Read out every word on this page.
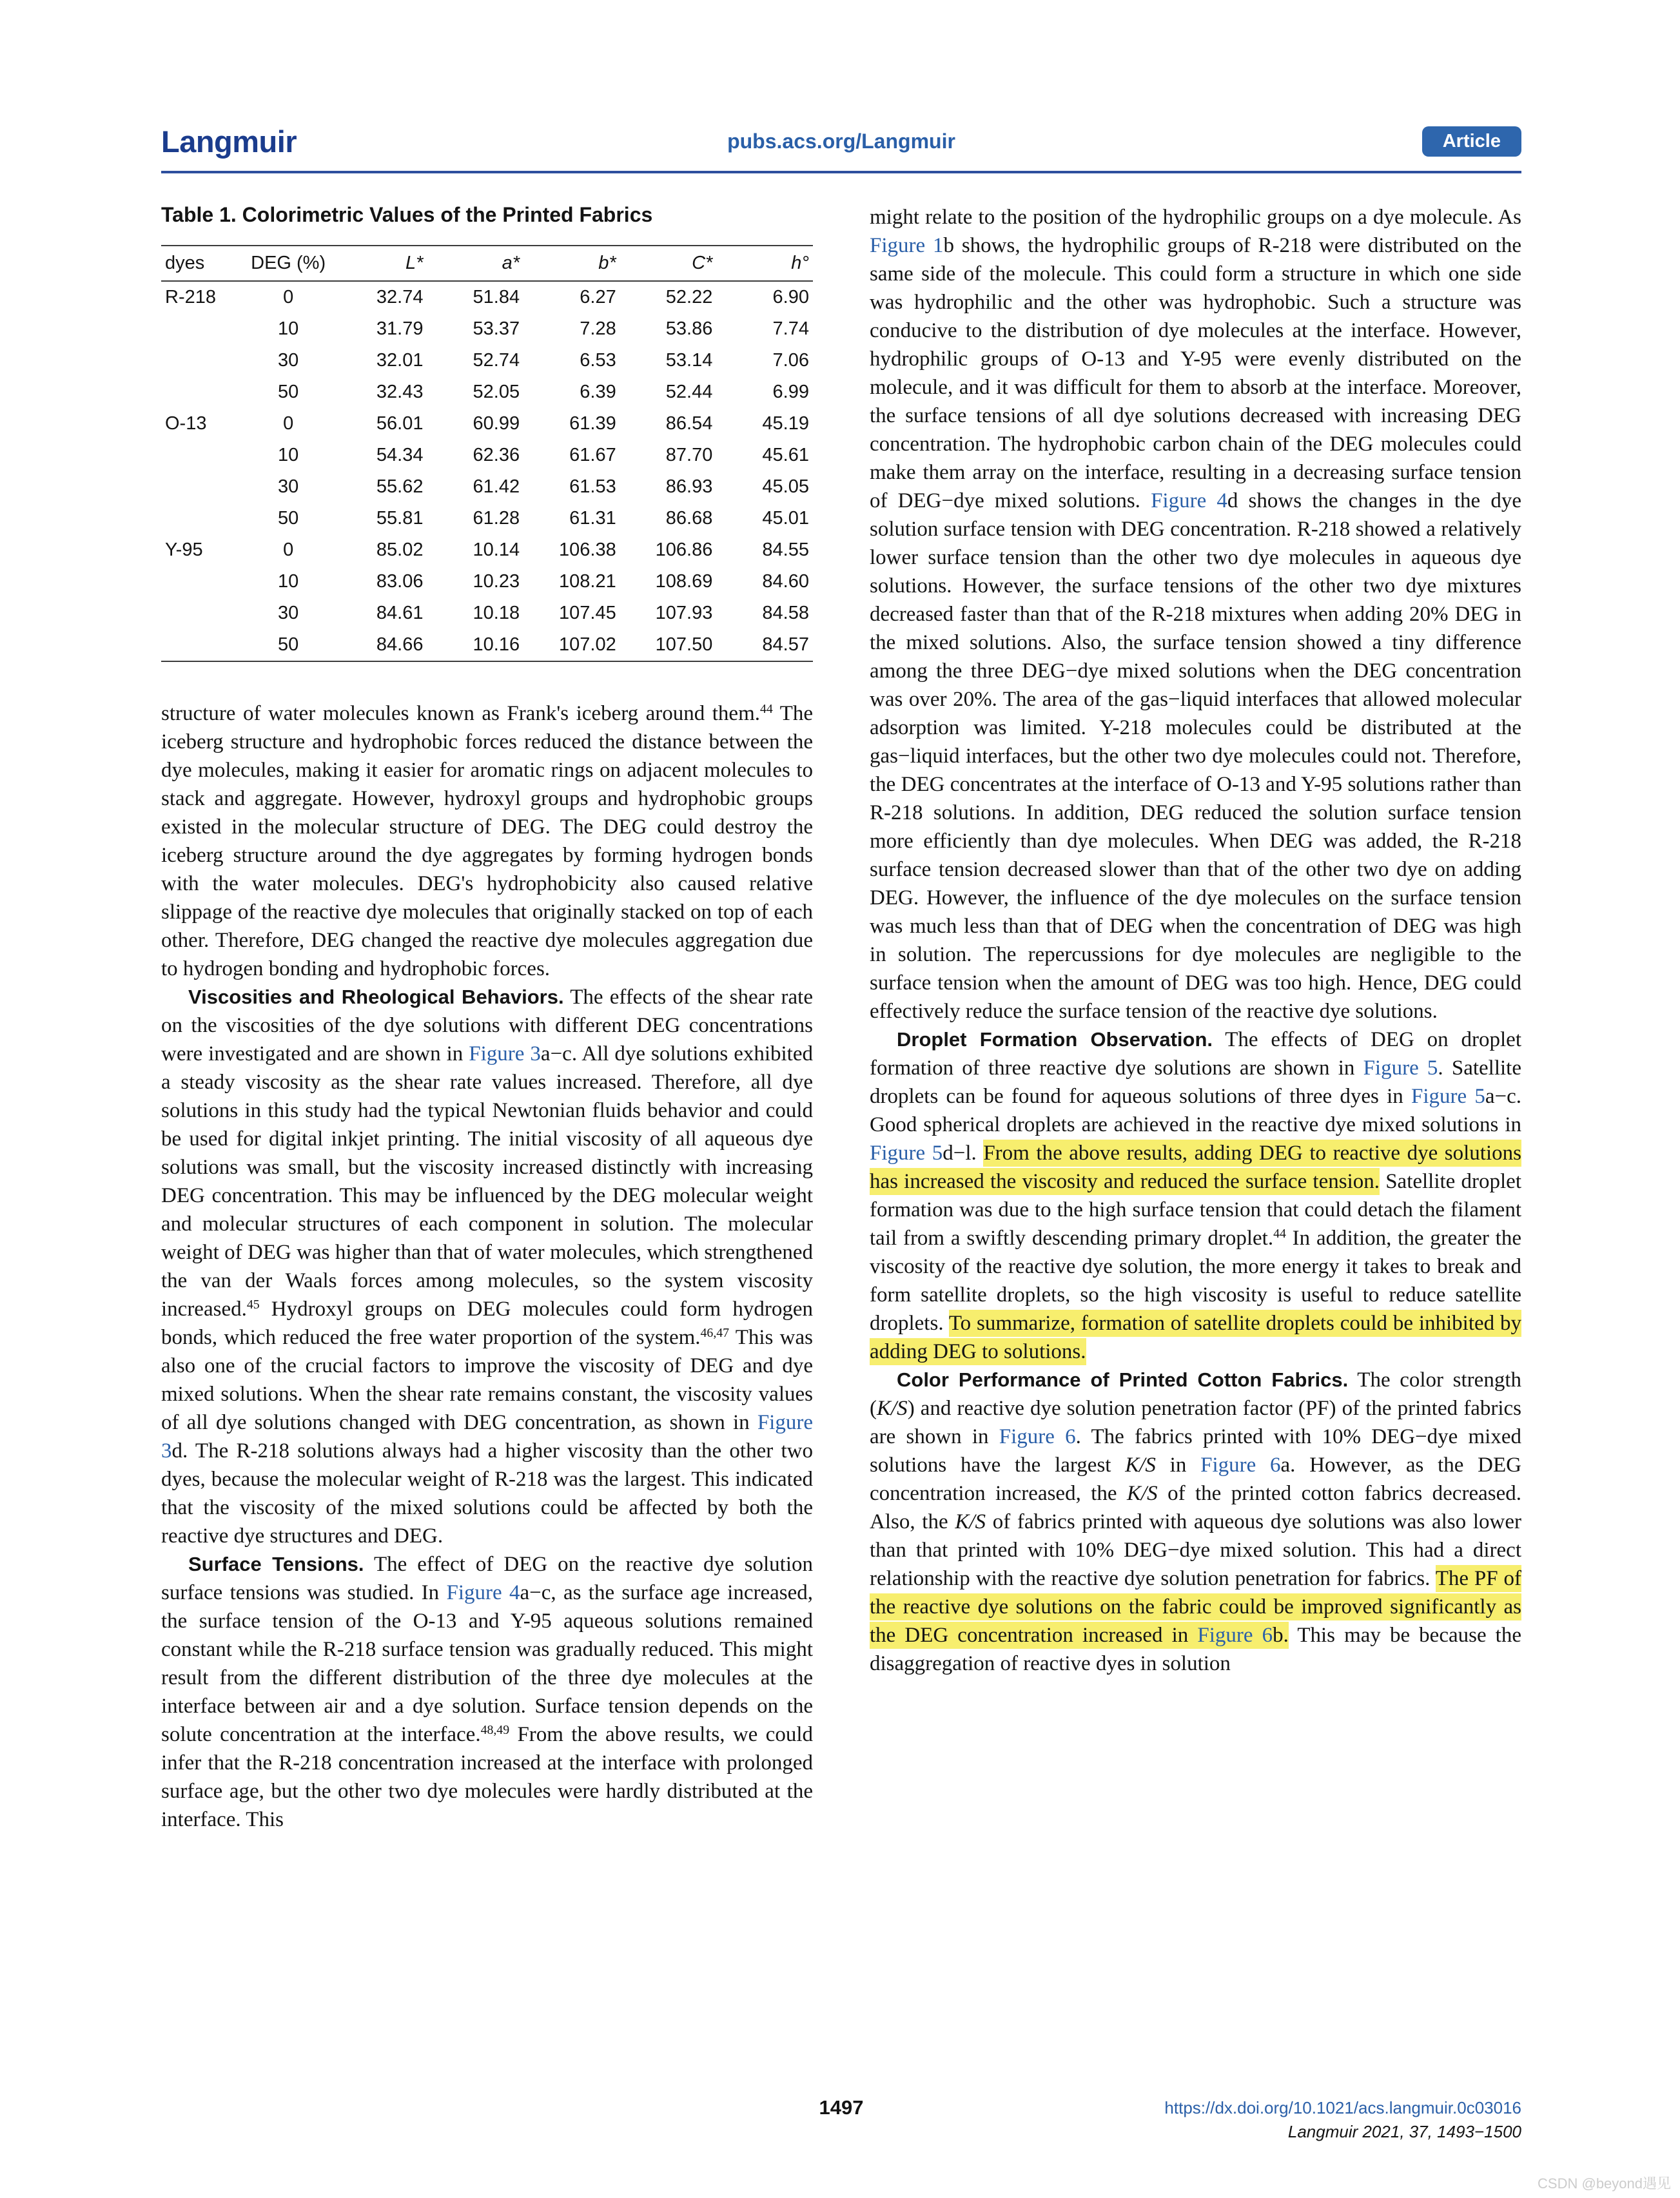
Langmuir	pubs.acs.org/Langmuir	Article
Table 1. Colorimetric Values of the Printed Fabrics
dyes	DEG (%)	L*	a*	b*	C*	h°
R-218	0	32.74	51.84	6.27	52.22	6.90
	10	31.79	53.37	7.28	53.86	7.74
	30	32.01	52.74	6.53	53.14	7.06
	50	32.43	52.05	6.39	52.44	6.99
O-13	0	56.01	60.99	61.39	86.54	45.19
	10	54.34	62.36	61.67	87.70	45.61
	30	55.62	61.42	61.53	86.93	45.05
	50	55.81	61.28	61.31	86.68	45.01
Y-95	0	85.02	10.14	106.38	106.86	84.55
	10	83.06	10.23	108.21	108.69	84.60
	30	84.61	10.18	107.45	107.93	84.58
	50	84.66	10.16	107.02	107.50	84.57

structure of water molecules known as Frank's iceberg around them.$^{44}$ The iceberg structure and hydrophobic forces reduced the distance between the dye molecules, making it easier for aromatic rings on adjacent molecules to stack and aggregate. However, hydroxyl groups and hydrophobic groups existed in the molecular structure of DEG. The DEG could destroy the iceberg structure around the dye aggregates by forming hydrogen bonds with the water molecules. DEG's hydrophobicity also caused relative slippage of the reactive dye molecules that originally stacked on top of each other. Therefore, DEG changed the reactive dye molecules aggregation due to hydrogen bonding and hydrophobic forces.

Viscosities and Rheological Behaviors. The effects of the shear rate on the viscosities of the dye solutions with different DEG concentrations were investigated and are shown in Figure 3a−c. All dye solutions exhibited a steady viscosity as the shear rate values increased. Therefore, all dye solutions in this study had the typical Newtonian fluids behavior and could be used for digital inkjet printing. The initial viscosity of all aqueous dye solutions was small, but the viscosity increased distinctly with increasing DEG concentration. This may be influenced by the DEG molecular weight and molecular structures of each component in solution. The molecular weight of DEG was higher than that of water molecules, which strengthened the van der Waals forces among molecules, so the system viscosity increased.$^{45}$ Hydroxyl groups on DEG molecules could form hydrogen bonds, which reduced the free water proportion of the system.$^{46,47}$ This was also one of the crucial factors to improve the viscosity of DEG and dye mixed solutions. When the shear rate remains constant, the viscosity values of all dye solutions changed with DEG concentration, as shown in Figure 3d. The R-218 solutions always had a higher viscosity than the other two dyes, because the molecular weight of R-218 was the largest. This indicated that the viscosity of the mixed solutions could be affected by both the reactive dye structures and DEG.

Surface Tensions. The effect of DEG on the reactive dye solution surface tensions was studied. In Figure 4a−c, as the surface age increased, the surface tension of the O-13 and Y-95 aqueous solutions remained constant while the R-218 surface tension was gradually reduced. This might result from the different distribution of the three dye molecules at the interface between air and a dye solution. Surface tension depends on the solute concentration at the interface.$^{48,49}$ From the above results, we could infer that the R-218 concentration increased at the interface with prolonged surface age, but the other two dye molecules were hardly distributed at the interface. This

might relate to the position of the hydrophilic groups on a dye molecule. As Figure 1b shows, the hydrophilic groups of R-218 were distributed on the same side of the molecule. This could form a structure in which one side was hydrophilic and the other was hydrophobic. Such a structure was conducive to the distribution of dye molecules at the interface. However, hydrophilic groups of O-13 and Y-95 were evenly distributed on the molecule, and it was difficult for them to absorb at the interface. Moreover, the surface tensions of all dye solutions decreased with increasing DEG concentration. The hydrophobic carbon chain of the DEG molecules could make them array on the interface, resulting in a decreasing surface tension of DEG−dye mixed solutions. Figure 4d shows the changes in the dye solution surface tension with DEG concentration. R-218 showed a relatively lower surface tension than the other two dye molecules in aqueous dye solutions. However, the surface tensions of the other two dye mixtures decreased faster than that of the R-218 mixtures when adding 20% DEG in the mixed solutions. Also, the surface tension showed a tiny difference among the three DEG−dye mixed solutions when the DEG concentration was over 20%. The area of the gas−liquid interfaces that allowed molecular adsorption was limited. Y-218 molecules could be distributed at the gas−liquid interfaces, but the other two dye molecules could not. Therefore, the DEG concentrates at the interface of O-13 and Y-95 solutions rather than R-218 solutions. In addition, DEG reduced the solution surface tension more efficiently than dye molecules. When DEG was added, the R-218 surface tension decreased slower than that of the other two dye on adding DEG. However, the influence of the dye molecules on the surface tension was much less than that of DEG when the concentration of DEG was high in solution. The repercussions for dye molecules are negligible to the surface tension when the amount of DEG was too high. Hence, DEG could effectively reduce the surface tension of the reactive dye solutions.

Droplet Formation Observation. The effects of DEG on droplet formation of three reactive dye solutions are shown in Figure 5. Satellite droplets can be found for aqueous solutions of three dyes in Figure 5a−c. Good spherical droplets are achieved in the reactive dye mixed solutions in Figure 5d−l. From the above results, adding DEG to reactive dye solutions has increased the viscosity and reduced the surface tension. Satellite droplet formation was due to the high surface tension that could detach the filament tail from a swiftly descending primary droplet.$^{44}$ In addition, the greater the viscosity of the reactive dye solution, the more energy it takes to break and form satellite droplets, so the high viscosity is useful to reduce satellite droplets. To summarize, formation of satellite droplets could be inhibited by adding DEG to solutions.

Color Performance of Printed Cotton Fabrics. The color strength (K/S) and reactive dye solution penetration factor (PF) of the printed fabrics are shown in Figure 6. The fabrics printed with 10% DEG−dye mixed solutions have the largest K/S in Figure 6a. However, as the DEG concentration increased, the K/S of the printed cotton fabrics decreased. Also, the K/S of fabrics printed with aqueous dye solutions was also lower than that printed with 10% DEG−dye mixed solution. This had a direct relationship with the reactive dye solution penetration for fabrics. The PF of the reactive dye solutions on the fabric could be improved significantly as the DEG concentration increased in Figure 6b. This may be because the disaggregation of reactive dyes in solution

1497	https://dx.doi.org/10.1021/acs.langmuir.0c03016
Langmuir 2021, 37, 1493−1500
CSDN @beyond遇见
